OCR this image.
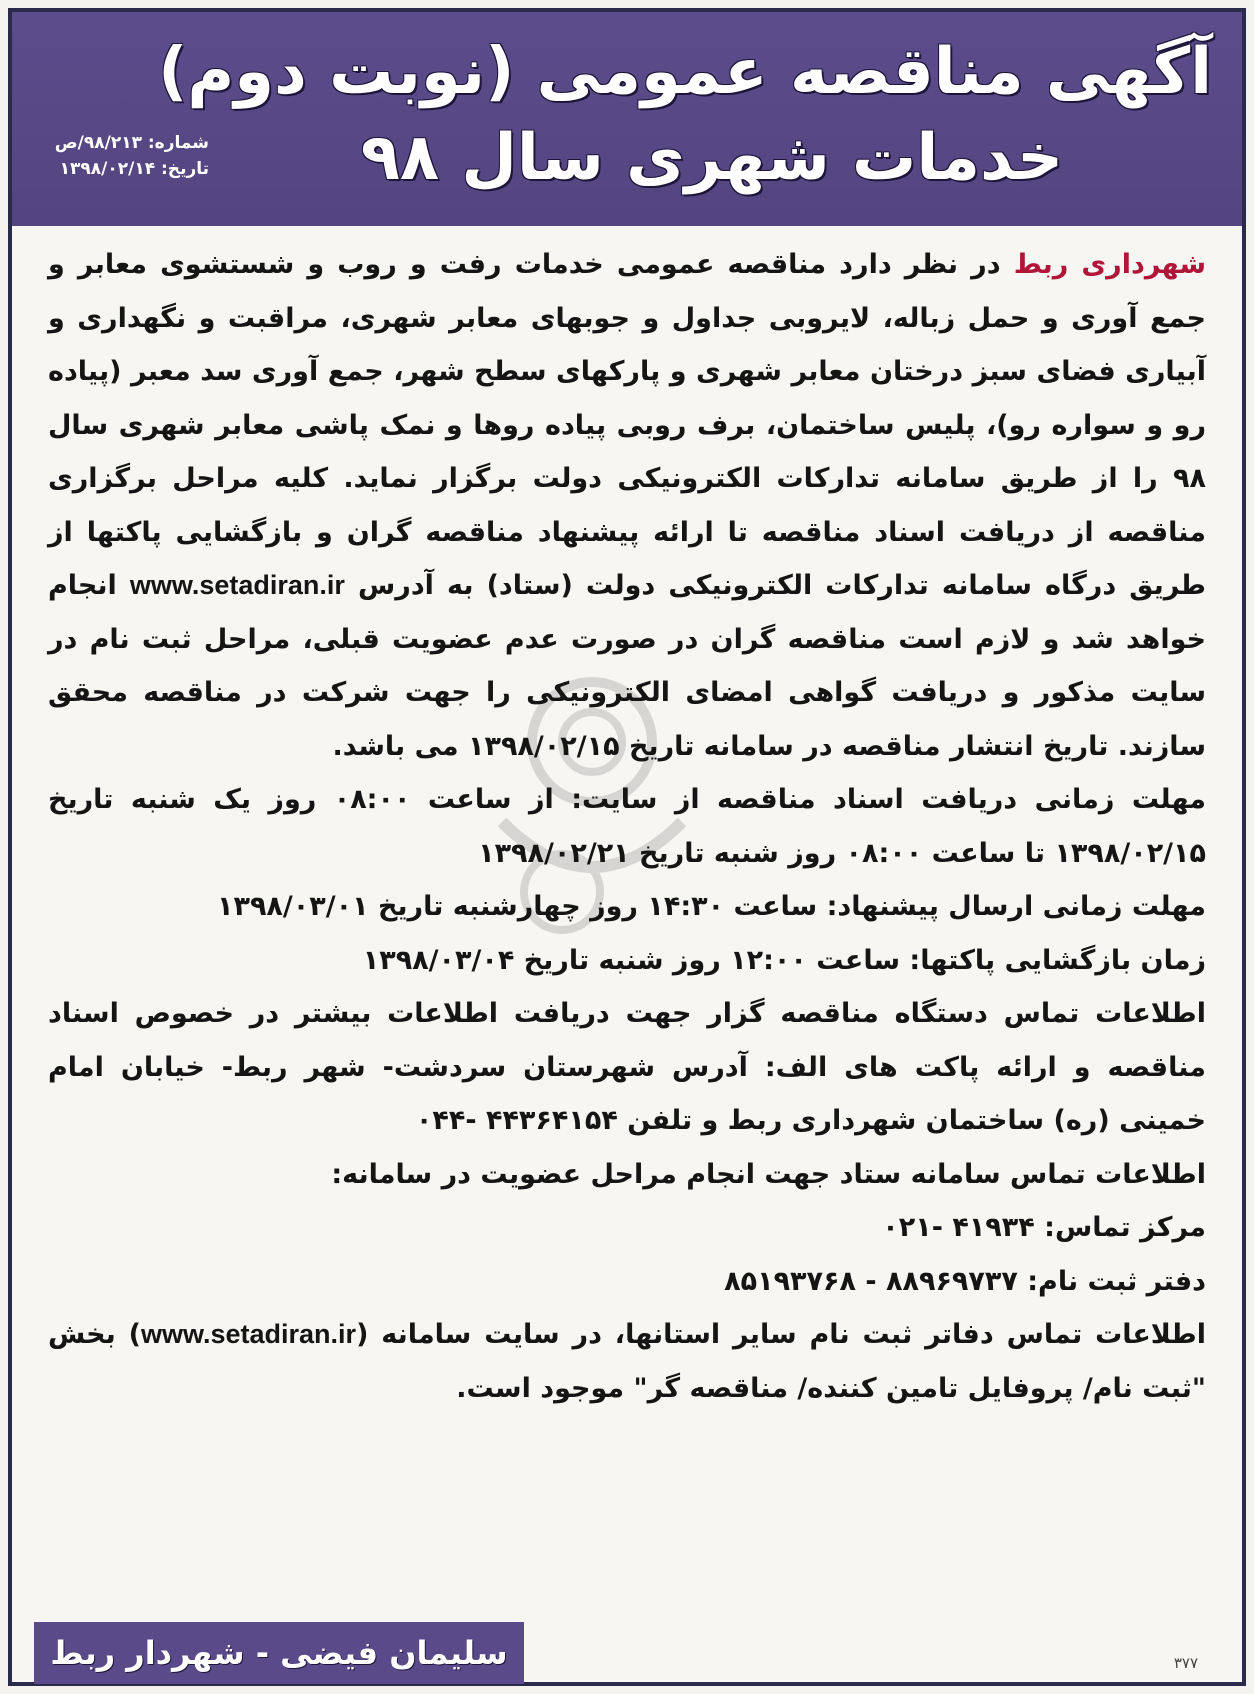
آگهی مناقصه عمومی (نوبت دوم)
خدمات شهری سال ۹۸
شماره: ۹۸/۲۱۳/ص
تاریخ: ۱۳۹۸/۰۲/۱۴

شهرداری ربط در نظر دارد مناقصه عمومی خدمات رفت و روب و شستشوی معابر و جمع آوری و حمل زباله، لایروبی جداول و جوبهای معابر شهری، مراقبت و نگهداری و آبیاری فضای سبز درختان معابر شهری و پارکهای سطح شهر، جمع آوری سد معبر (پیاده رو و سواره رو)، پلیس ساختمان، برف روبی پیاده روها و نمک پاشی معابر شهری سال ۹۸ را از طریق سامانه تدارکات الکترونیکی دولت برگزار نماید. کلیه مراحل برگزاری مناقصه از دریافت اسناد مناقصه تا ارائه پیشنهاد مناقصه گران و بازگشایی پاکتها از طریق درگاه سامانه تدارکات الکترونیکی دولت (ستاد) به آدرس www.setadiran.ir انجام خواهد شد و لازم است مناقصه گران در صورت عدم عضویت قبلی، مراحل ثبت نام در سایت مذکور و دریافت گواهی امضای الکترونیکی را جهت شرکت در مناقصه محقق سازند. تاریخ انتشار مناقصه در سامانه تاریخ ۱۳۹۸/۰۲/۱۵ می باشد.

مهلت زمانی دریافت اسناد مناقصه از سایت: از ساعت ۰۸:۰۰ روز یک شنبه تاریخ ۱۳۹۸/۰۲/۱۵ تا ساعت ۰۸:۰۰ روز شنبه تاریخ ۱۳۹۸/۰۲/۲۱

مهلت زمانی ارسال پیشنهاد: ساعت ۱۴:۳۰ روز چهارشنبه تاریخ ۱۳۹۸/۰۳/۰۱

زمان بازگشایی پاکتها: ساعت ۱۲:۰۰ روز شنبه تاریخ ۱۳۹۸/۰۳/۰۴

اطلاعات تماس دستگاه مناقصه گزار جهت دریافت اطلاعات بیشتر در خصوص اسناد مناقصه و ارائه پاکت های الف: آدرس شهرستان سردشت- شهر ربط- خیابان امام خمینی (ره) ساختمان شهرداری ربط و تلفن ۴۴۳۶۴۱۵۴ -۰۴۴

اطلاعات تماس سامانه ستاد جهت انجام مراحل عضویت در سامانه:

مرکز تماس: ۴۱۹۳۴ -۰۲۱

دفتر ثبت نام: ۸۸۹۶۹۷۳۷ - ۸۵۱۹۳۷۶۸

اطلاعات تماس دفاتر ثبت نام سایر استانها، در سایت سامانه (www.setadiran.ir) بخش "ثبت نام/ پروفایل تامین کننده/ مناقصه گر" موجود است.

سلیمان فیضی - شهردار ربط	۳۷۷
